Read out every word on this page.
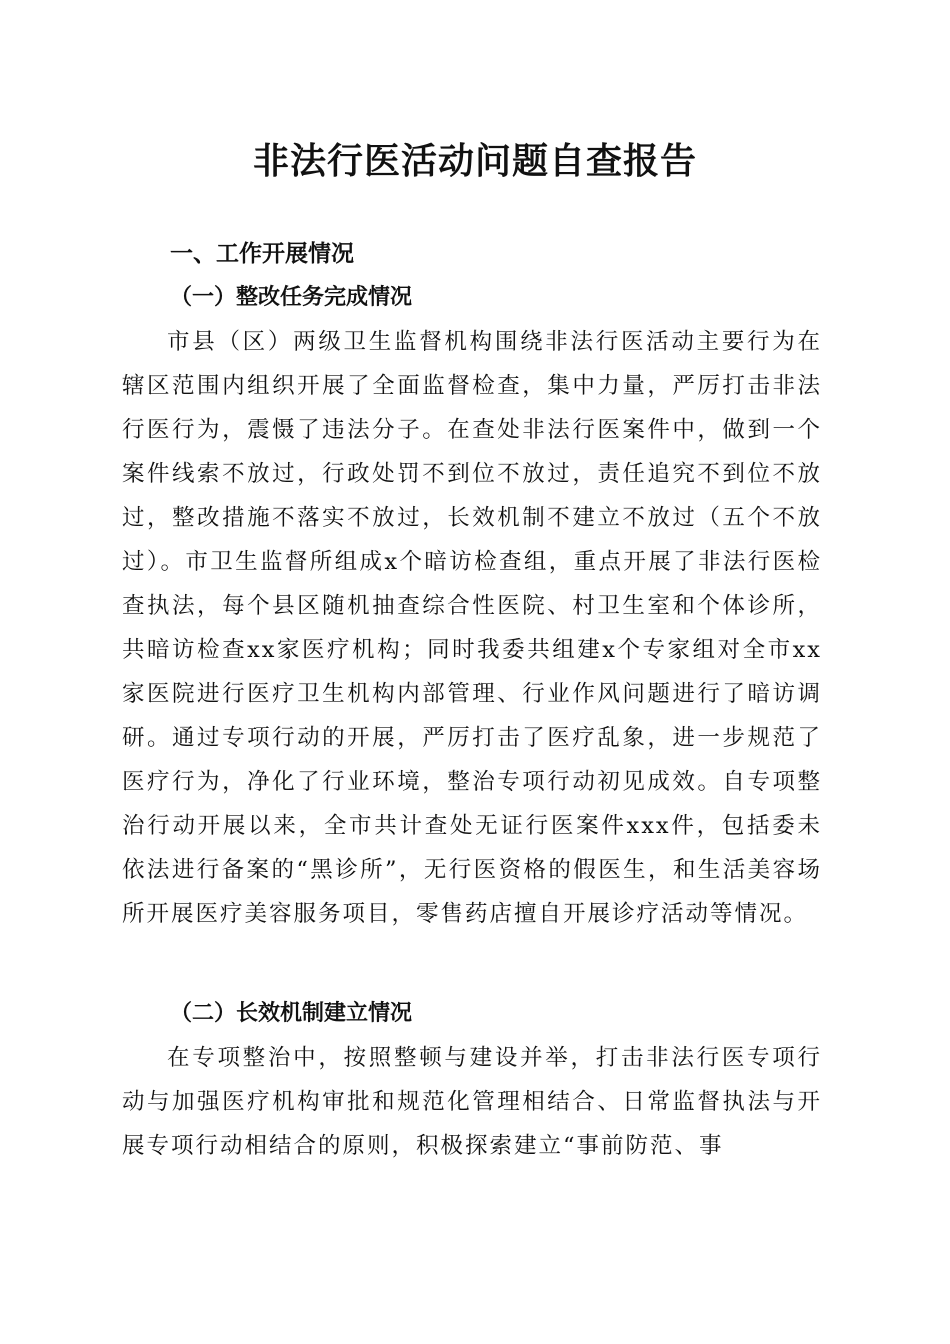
非法行医活动问题自查报告
一、工作开展情况
（一）整改任务完成情况

市县（区）两级卫生监督机构围绕非法行医活动主要行为在辖区范围内组织开展了全面监督检查，集中力量，严厉打击非法行医行为，震慑了违法分子。在查处非法行医案件中，做到一个案件线索不放过，行政处罚不到位不放过，责任追究不到位不放过，整改措施不落实不放过，长效机制不建立不放过（五个不放过）。市卫生监督所组成x个暗访检查组，重点开展了非法行医检查执法，每个县区随机抽查综合性医院、村卫生室和个体诊所，共暗访检查xx家医疗机构；同时我委共组建x个专家组对全市xx家医院进行医疗卫生机构内部管理、行业作风问题进行了暗访调研。通过专项行动的开展，严厉打击了医疗乱象，进一步规范了医疗行为，净化了行业环境，整治专项行动初见成效。自专项整治行动开展以来，全市共计查处无证行医案件xxx件，包括委未依法进行备案的“黑诊所”，无行医资格的假医生，和生活美容场所开展医疗美容服务项目，零售药店擅自开展诊疗活动等情况。

（二）长效机制建立情况

在专项整治中，按照整顿与建设并举，打击非法行医专项行动与加强医疗机构审批和规范化管理相结合、日常监督执法与开展专项行动相结合的原则，积极探索建立“事前防范、事
